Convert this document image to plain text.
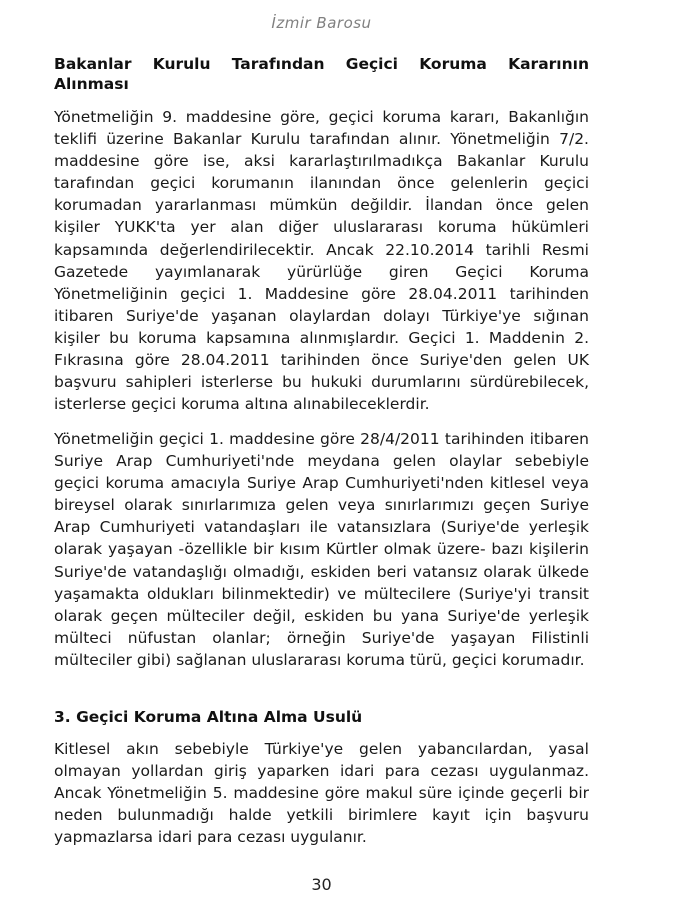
İzmir Barosu
Bakanlar Kurulu Tarafından Geçici Koruma Kararının Alınması

Yönetmeliğin 9. maddesine göre, geçici koruma kararı, Bakanlığın teklifi üzerine Bakanlar Kurulu tarafından alınır. Yönetmeliğin 7/2. maddesine göre ise, aksi kararlaştırılmadıkça Bakanlar Kurulu tarafından geçici korumanın ilanından önce gelenlerin geçici korumadan yararlanması mümkün değildir. İlandan önce gelen kişiler YUKK'ta yer alan diğer uluslararası koruma hükümleri kapsamında değerlendirilecektir. Ancak 22.10.2014 tarihli Resmi Gazetede yayımlanarak yürürlüğe giren Geçici Koruma Yönetmeliğinin geçici 1. Maddesine göre 28.04.2011 tarihinden itibaren Suriye'de yaşanan olaylardan dolayı Türkiye'ye sığınan kişiler bu koruma kapsamına alınmışlardır. Geçici 1. Maddenin 2. Fıkrasına göre 28.04.2011 tarihinden önce Suriye'den gelen UK başvuru sahipleri isterlerse bu hukuki durumlarını sürdürebilecek, isterlerse geçici koruma altına alınabileceklerdir.

Yönetmeliğin geçici 1. maddesine göre 28/4/2011 tarihinden itibaren Suriye Arap Cumhuriyeti'nde meydana gelen olaylar sebebiyle geçici koruma amacıyla Suriye Arap Cumhuriyeti'nden kitlesel veya bireysel olarak sınırlarımıza gelen veya sınırlarımızı geçen Suriye Arap Cumhuriyeti vatandaşları ile vatansızlara (Suriye'de yerleşik olarak yaşayan -özellikle bir kısım Kürtler olmak üzere- bazı kişilerin Suriye'de vatandaşlığı olmadığı, eskiden beri vatansız olarak ülkede yaşamakta oldukları bilinmektedir) ve mültecilere (Suriye'yi transit olarak geçen mülteciler değil, eskiden bu yana Suriye'de yerleşik mülteci nüfustan olanlar; örneğin Suriye'de yaşayan Filistinli mülteciler gibi) sağlanan uluslararası koruma türü, geçici korumadır.

3. Geçici Koruma Altına Alma Usulü

Kitlesel akın sebebiyle Türkiye'ye gelen yabancılardan, yasal olmayan yollardan giriş yaparken idari para cezası uygulanmaz. Ancak Yönetmeliğin 5. maddesine göre makul süre içinde geçerli bir neden bulunmadığı halde yetkili birimlere kayıt için başvuru yapmazlarsa idari para cezası uygulanır.

30
